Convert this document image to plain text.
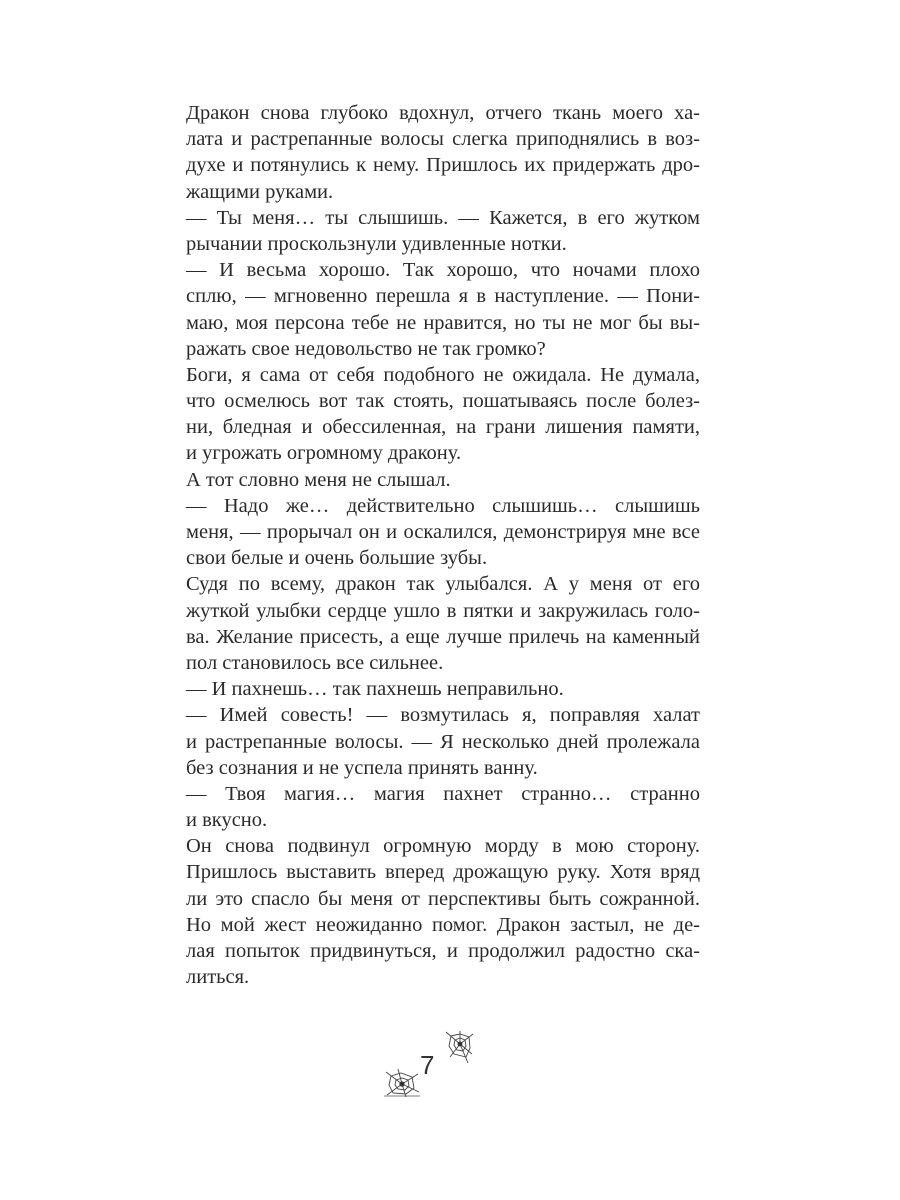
Дракон снова глубоко вдохнул, отчего ткань моего ха-
лата и растрепанные волосы слегка приподнялись в воз-
духе и потянулись к нему. Пришлось их придержать дро-
жащими руками.
— Ты меня… ты слышишь. — Кажется, в его жутком
рычании проскользнули удивленные нотки.
— И весьма хорошо. Так хорошо, что ночами плохо
сплю, — мгновенно перешла я в наступление. — Пони-
маю, моя персона тебе не нравится, но ты не мог бы вы-
ражать свое недовольство не так громко?
Боги, я сама от себя подобного не ожидала. Не думала,
что осмелюсь вот так стоять, пошатываясь после болез-
ни, бледная и обессиленная, на грани лишения памяти,
и угрожать огромному дракону.
А тот словно меня не слышал.
— Надо же… действительно слышишь… слышишь
меня, — прорычал он и оскалился, демонстрируя мне все
свои белые и очень большие зубы.
Судя по всему, дракон так улыбался. А у меня от его
жуткой улыбки сердце ушло в пятки и закружилась голо-
ва. Желание присесть, а еще лучше прилечь на каменный
пол становилось все сильнее.
— И пахнешь… так пахнешь неправильно.
— Имей совесть! — возмутилась я, поправляя халат
и растрепанные волосы. — Я несколько дней пролежала
без сознания и не успела принять ванну.
— Твоя магия… магия пахнет странно… странно
и вкусно.
Он снова подвинул огромную морду в мою сторону.
Пришлось выставить вперед дрожащую руку. Хотя вряд
ли это спасло бы меня от перспективы быть сожранной.
Но мой жест неожиданно помог. Дракон застыл, не де-
лая попыток придвинуться, и продолжил радостно ска-
литься.
7
